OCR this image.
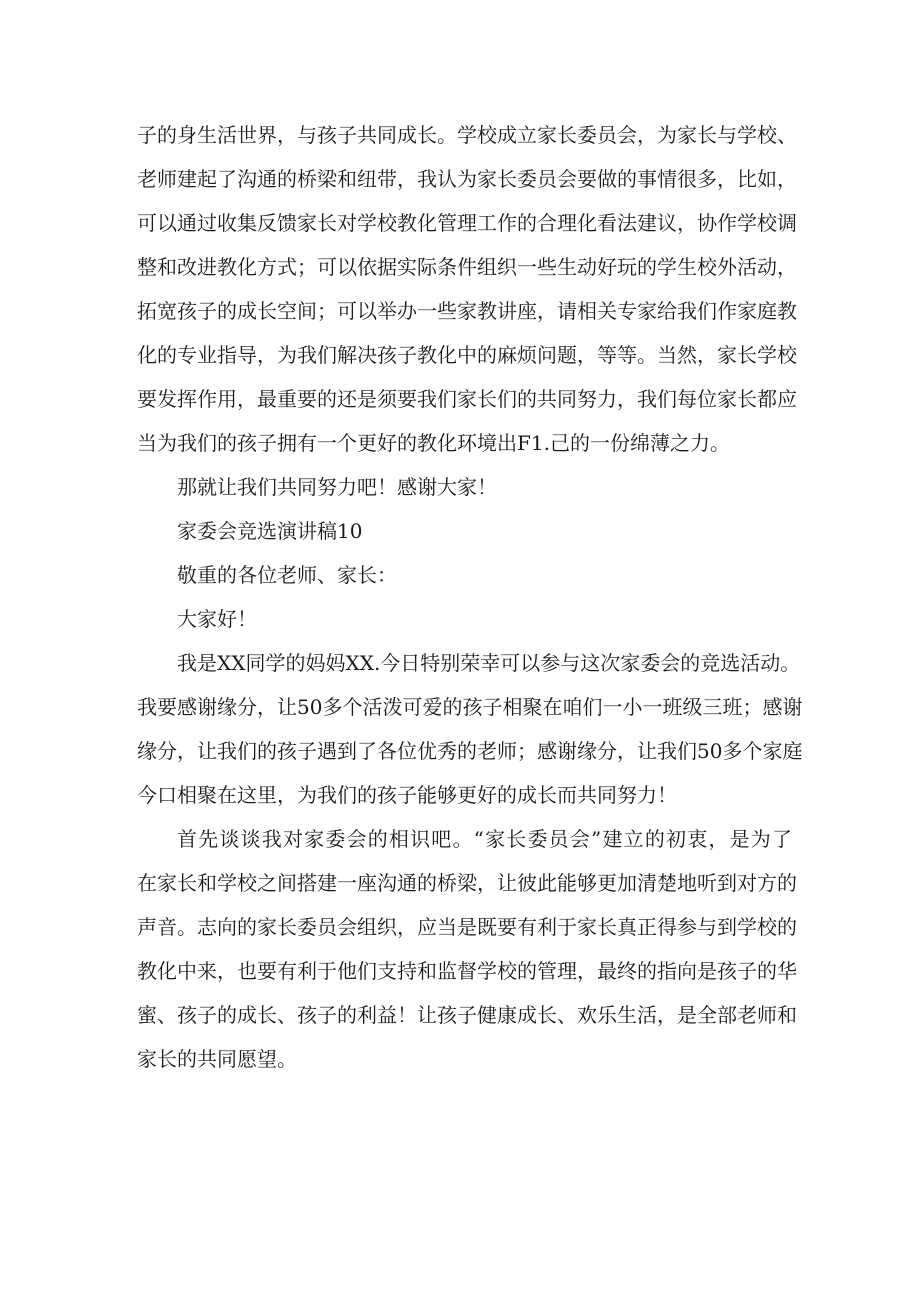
子的身生活世界，与孩子共同成长。学校成立家长委员会，为家长与学校、
老师建起了沟通的桥梁和纽带，我认为家长委员会要做的事情很多，比如，
可以通过收集反馈家长对学校教化管理工作的合理化看法建议，协作学校调
整和改进教化方式；可以依据实际条件组织一些生动好玩的学生校外活动，
拓宽孩子的成长空间；可以举办一些家教讲座，请相关专家给我们作家庭教
化的专业指导，为我们解决孩子教化中的麻烦问题，等等。当然，家长学校
要发挥作用，最重要的还是须要我们家长们的共同努力，我们每位家长都应
当为我们的孩子拥有一个更好的教化环境出F1.己的一份绵薄之力。
那就让我们共同努力吧！感谢大家！
家委会竞选演讲稿10
敬重的各位老师、家长：
大家好！
我是XX同学的妈妈XX.今日特别荣幸可以参与这次家委会的竞选活动。
我要感谢缘分，让50多个活泼可爱的孩子相聚在咱们一小一班级三班；感谢
缘分，让我们的孩子遇到了各位优秀的老师；感谢缘分，让我们50多个家庭
今口相聚在这里，为我们的孩子能够更好的成长而共同努力！
首先谈谈我对家委会的相识吧。“家长委员会”建立的初衷，是为了
在家长和学校之间搭建一座沟通的桥梁，让彼此能够更加清楚地听到对方的
声音。志向的家长委员会组织，应当是既要有利于家长真正得参与到学校的
教化中来，也要有利于他们支持和监督学校的管理，最终的指向是孩子的华
蜜、孩子的成长、孩子的利益！让孩子健康成长、欢乐生活，是全部老师和
家长的共同愿望。
